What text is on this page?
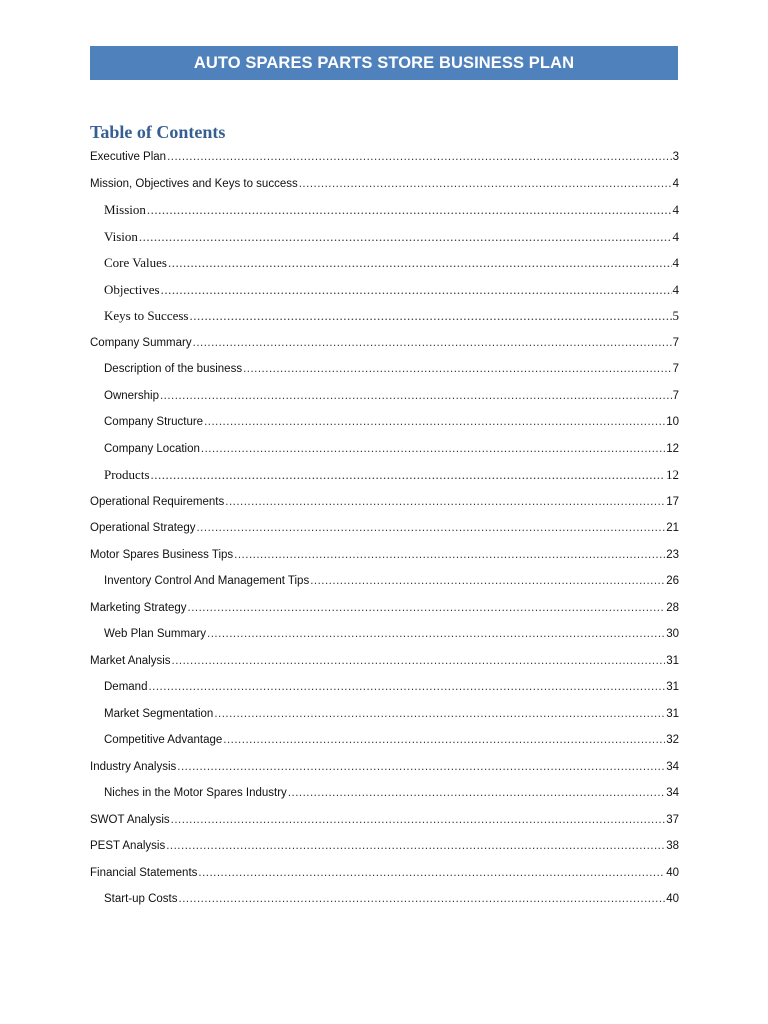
AUTO SPARES PARTS STORE BUSINESS PLAN
Table of Contents
Executive Plan .....	3
Mission, Objectives and Keys to success .....	4
Mission .....	4
Vision .....	4
Core Values .....	4
Objectives .....	4
Keys to Success .....	5
Company Summary .....	7
Description of the business .....	7
Ownership .....	7
Company Structure .....	10
Company Location .....	12
Products .....	12
Operational Requirements .....	17
Operational Strategy .....	21
Motor Spares Business Tips .....	23
Inventory Control And Management Tips .....	26
Marketing Strategy .....	28
Web Plan Summary .....	30
Market Analysis .....	31
Demand .....	31
Market Segmentation .....	31
Competitive Advantage .....	32
Industry Analysis .....	34
Niches in the Motor Spares Industry .....	34
SWOT Analysis .....	37
PEST Analysis .....	38
Financial Statements .....	40
Start-up Costs .....	40
